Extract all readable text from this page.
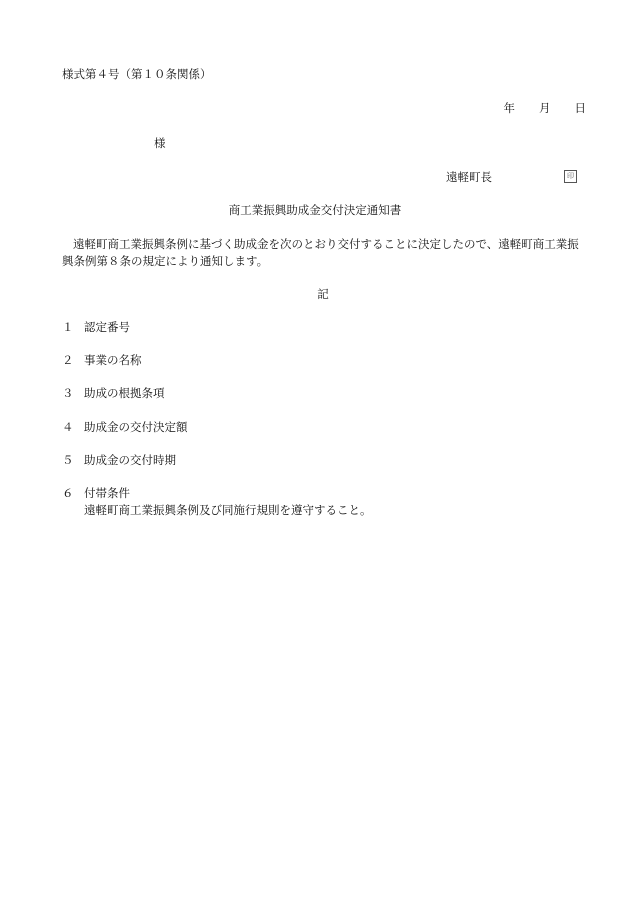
様式第４号（第１０条関係）
年 月 日
様
遠軽町長	印
商工業振興助成金交付決定通知書
遠軽町商工業振興条例に基づく助成金を次のとおり交付することに決定したので、遠軽町商工業振興条例第８条の規定により通知します。
記
１ 認定番号
２ 事業の名称
３ 助成の根拠条項
４ 助成金の交付決定額
５ 助成金の交付時期
６ 付帯条件
遠軽町商工業振興条例及び同施行規則を遵守すること。
